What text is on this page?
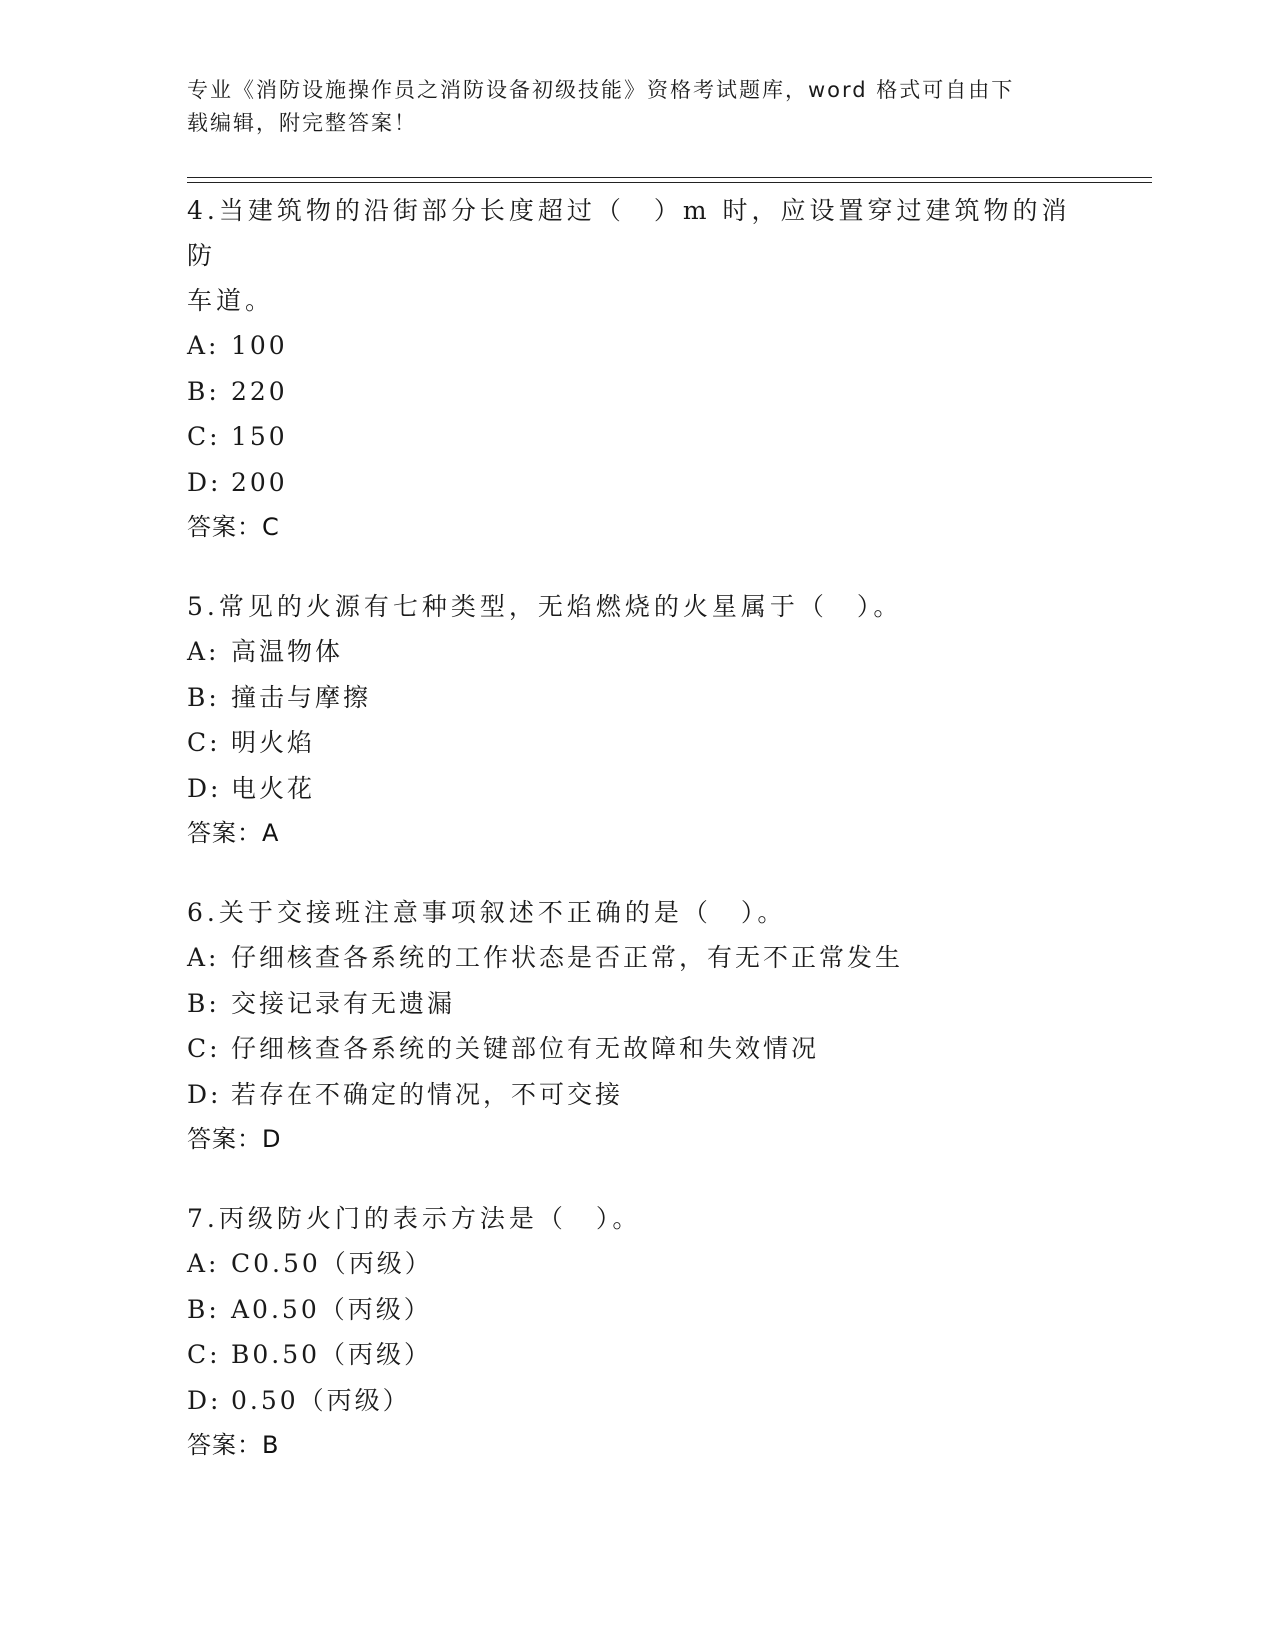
专业《消防设施操作员之消防设备初级技能》资格考试题库，word 格式可自由下
载编辑，附完整答案！
4.当建筑物的沿街部分长度超过（　）m 时，应设置穿过建筑物的消防
车道。
A: 100
B: 220
C: 150
D: 200
答案：C
5.常见的火源有七种类型，无焰燃烧的火星属于（　）。
A: 高温物体
B: 撞击与摩擦
C: 明火焰
D: 电火花
答案：A
6.关于交接班注意事项叙述不正确的是（　）。
A: 仔细核查各系统的工作状态是否正常，有无不正常发生
B: 交接记录有无遗漏
C: 仔细核查各系统的关键部位有无故障和失效情况
D: 若存在不确定的情况，不可交接
答案：D
7.丙级防火门的表示方法是（　）。
A: C0.50（丙级）
B: A0.50（丙级）
C: B0.50（丙级）
D: 0.50（丙级）
答案：B
